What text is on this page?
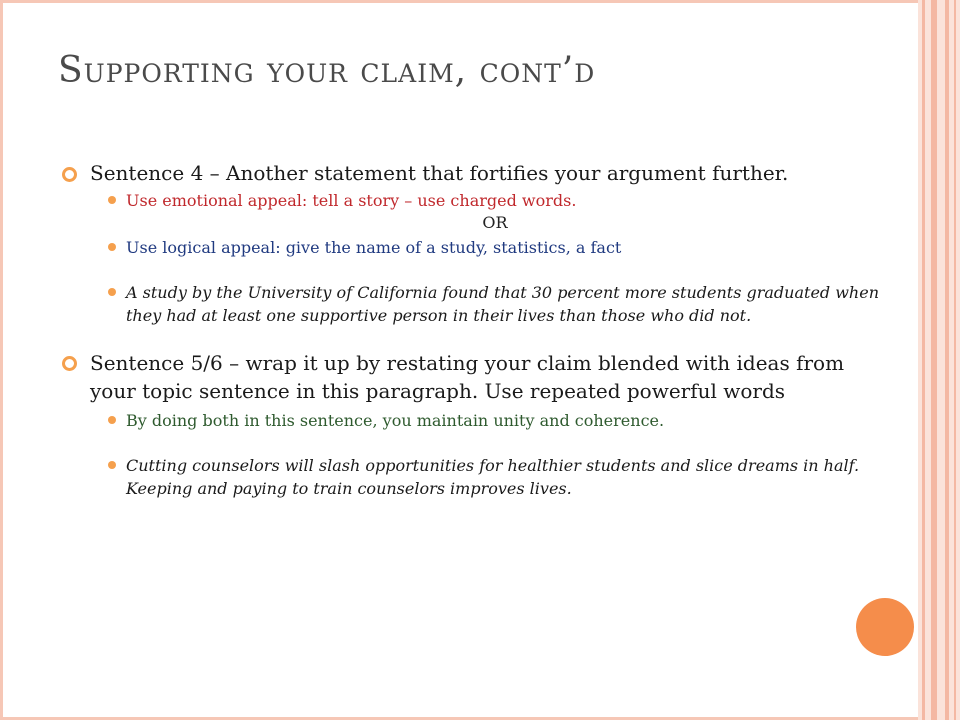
Supporting your claim, cont’d
Sentence 4 – Another statement that fortifies your argument further.
Use emotional appeal: tell a story – use charged words.
OR
Use logical appeal: give the name of a study, statistics, a fact
A study by the University of California found that 30 percent more students graduated when they had at least one supportive person in their lives than those who did not.
Sentence 5/6 – wrap it up by restating your claim blended with ideas from your topic sentence in this paragraph. Use repeated powerful words
By doing both in this sentence, you maintain unity and coherence.
Cutting counselors will slash opportunities for healthier students and slice dreams in half. Keeping and paying to train counselors improves lives.
